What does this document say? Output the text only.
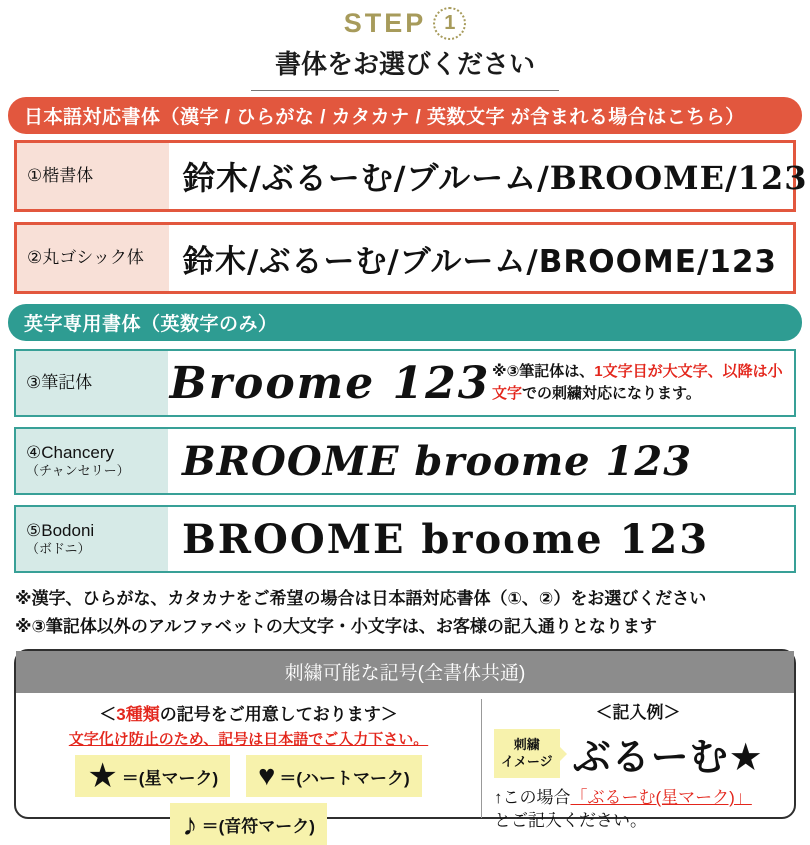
STEP 1
書体をお選びください
日本語対応書体（漢字 / ひらがな / カタカナ / 英数文字 が含まれる場合はこちら）
①楷書体	鈴木/ぶるーむ/ブルーム/BROOME/123
②丸ゴシック体	鈴木/ぶるーむ/ブルーム/BROOME/123
英字専用書体（英数字のみ）
③筆記体	Broome 123 ※③筆記体は、1文字目が大文字、以降は小文字での刺繍対応になります。
④Chancery
（チャンセリー）	BROOME broome 123
⑤Bodoni
（ボドニ）	BROOME broome 123
※漢字、ひらがな、カタカナをご希望の場合は日本語対応書体（①、②）をお選びください
※③筆記体以外のアルファベットの大文字・小文字は、お客様の記入通りとなります
刺繍可能な記号(全書体共通)
＜3種類の記号をご用意しております＞
文字化け防止のため、記号は日本語でご入力下さい。
★ ＝(星マーク) ♥ ＝(ハートマーク)
♪ ＝(音符マーク)
＜記入例＞
刺繍
イメージ ぶるーむ★
↑この場合「ぶるーむ(星マーク)」
とご記入ください。
